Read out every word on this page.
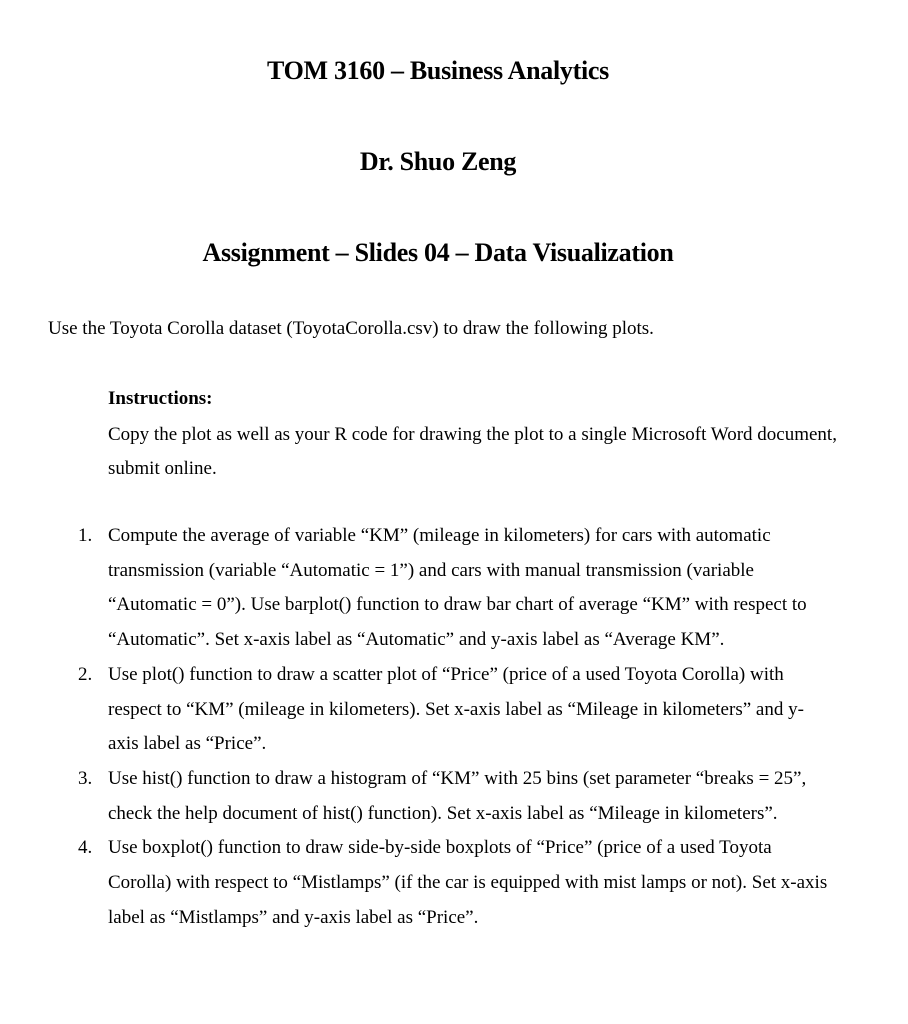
TOM 3160 – Business Analytics
Dr. Shuo Zeng
Assignment – Slides 04 – Data Visualization

Use the Toyota Corolla dataset (ToyotaCorolla.csv) to draw the following plots.

Instructions:

Copy the plot as well as your R code for drawing the plot to a single Microsoft Word document, submit online.

1. Compute the average of variable “KM” (mileage in kilometers) for cars with automatic transmission (variable “Automatic = 1”) and cars with manual transmission (variable “Automatic = 0”). Use barplot() function to draw bar chart of average “KM” with respect to “Automatic”. Set x-axis label as “Automatic” and y-axis label as “Average KM”.
2. Use plot() function to draw a scatter plot of “Price” (price of a used Toyota Corolla) with respect to “KM” (mileage in kilometers). Set x-axis label as “Mileage in kilometers” and y-axis label as “Price”.
3. Use hist() function to draw a histogram of “KM” with 25 bins (set parameter “breaks = 25”, check the help document of hist() function). Set x-axis label as “Mileage in kilometers”.
4. Use boxplot() function to draw side-by-side boxplots of “Price” (price of a used Toyota Corolla) with respect to “Mistlamps” (if the car is equipped with mist lamps or not). Set x-axis label as “Mistlamps” and y-axis label as “Price”.
